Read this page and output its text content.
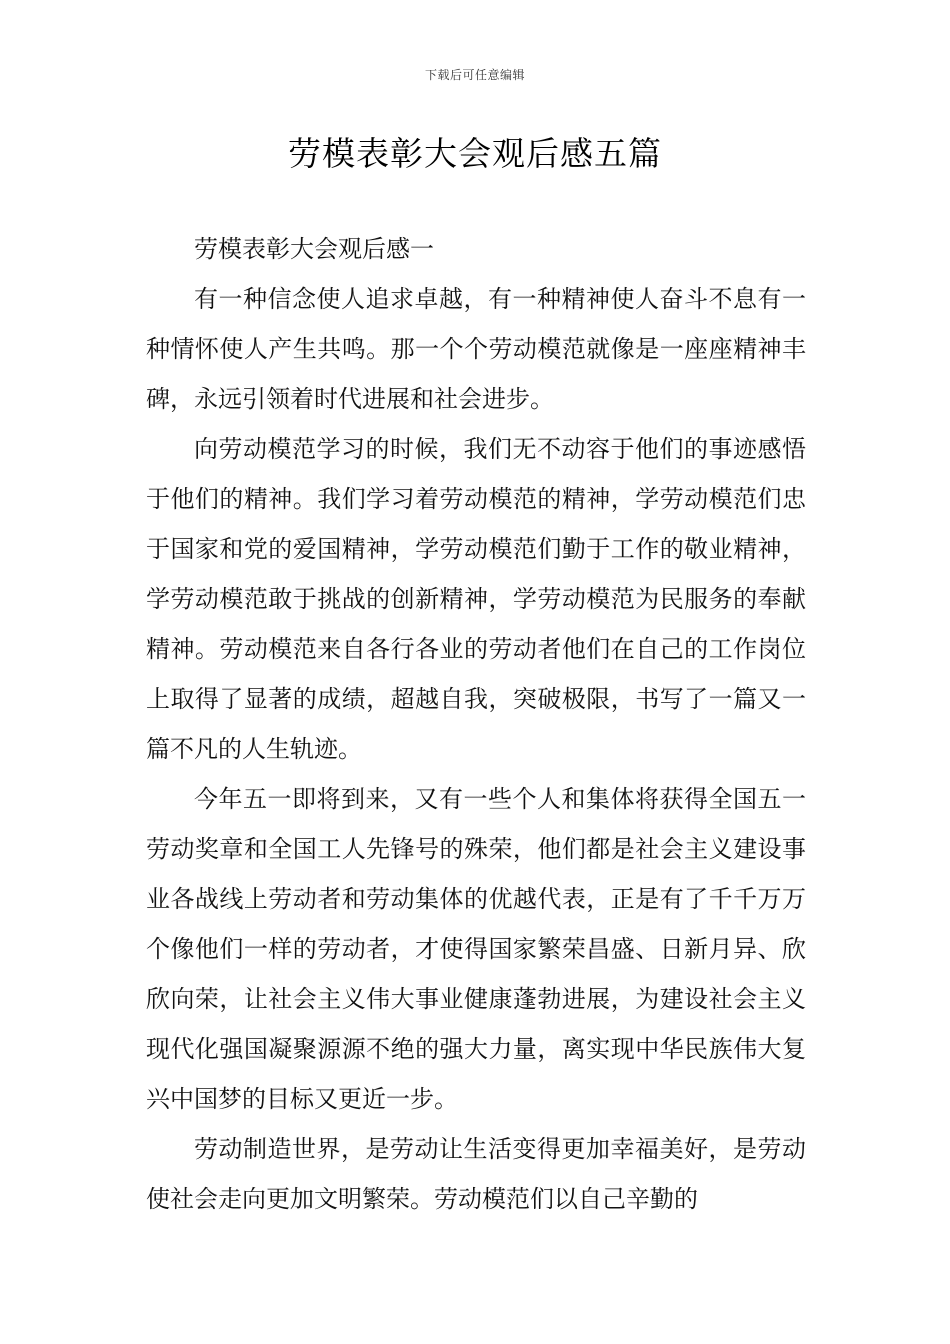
下载后可任意编辑
劳模表彰大会观后感五篇

劳模表彰大会观后感一

有一种信念使人追求卓越，有一种精神使人奋斗不息有一种情怀使人产生共鸣。那一个个劳动模范就像是一座座精神丰碑，永远引领着时代进展和社会进步。

向劳动模范学习的时候，我们无不动容于他们的事迹感悟于他们的精神。我们学习着劳动模范的精神，学劳动模范们忠于国家和党的爱国精神，学劳动模范们勤于工作的敬业精神，学劳动模范敢于挑战的创新精神，学劳动模范为民服务的奉献精神。劳动模范来自各行各业的劳动者他们在自己的工作岗位上取得了显著的成绩，超越自我，突破极限，书写了一篇又一篇不凡的人生轨迹。

今年五一即将到来，又有一些个人和集体将获得全国五一劳动奖章和全国工人先锋号的殊荣，他们都是社会主义建设事业各战线上劳动者和劳动集体的优越代表，正是有了千千万万个像他们一样的劳动者，才使得国家繁荣昌盛、日新月异、欣欣向荣，让社会主义伟大事业健康蓬勃进展，为建设社会主义现代化强国凝聚源源不绝的强大力量，离实现中华民族伟大复兴中国梦的目标又更近一步。

劳动制造世界，是劳动让生活变得更加幸福美好，是劳动使社会走向更加文明繁荣。劳动模范们以自己辛勤的
